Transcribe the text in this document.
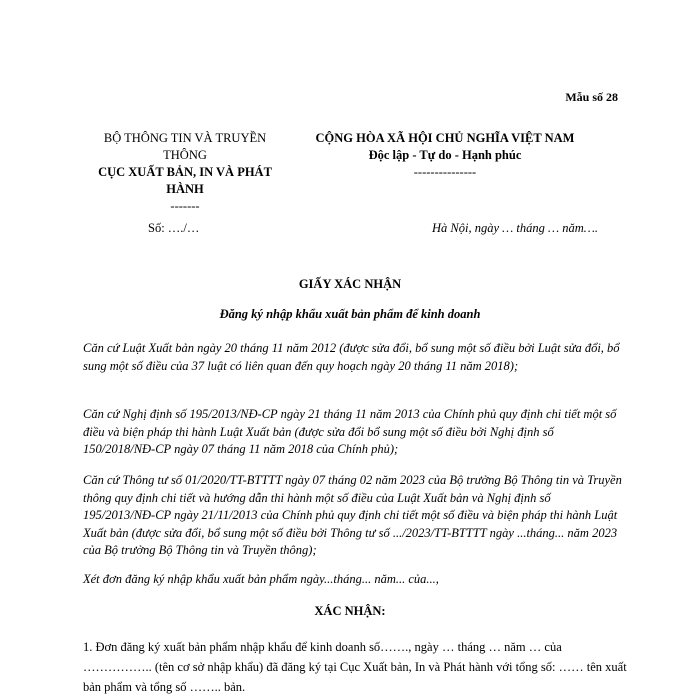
Mẫu số 28
BỘ THÔNG TIN VÀ TRUYỀN THÔNG
CỤC XUẤT BẢN, IN VÀ PHÁT HÀNH
-------
CỘNG HÒA XÃ HỘI CHỦ NGHĨA VIỆT NAM
Độc lập - Tự do - Hạnh phúc
---------------
Số: …./…	Hà Nội, ngày … tháng … năm….
GIẤY XÁC NHẬN
Đăng ký nhập khẩu xuất bản phẩm để kinh doanh
Căn cứ Luật Xuất bản ngày 20 tháng 11 năm 2012 (được sửa đổi, bổ sung một số điều bởi Luật sửa đổi, bổ sung một số điều của 37 luật có liên quan đến quy hoạch ngày 20 tháng 11 năm 2018);
Căn cứ Nghị định số 195/2013/NĐ-CP ngày 21 tháng 11 năm 2013 của Chính phủ quy định chi tiết một số điều và biện pháp thi hành Luật Xuất bản (được sửa đổi bổ sung một số điều bởi Nghị định số 150/2018/NĐ-CP ngày 07 tháng 11 năm 2018 của Chính phủ);
Căn cứ Thông tư số 01/2020/TT-BTTTT ngày 07 tháng 02 năm 2023 của Bộ trưởng Bộ Thông tin và Truyền thông quy định chi tiết và hướng dẫn thi hành một số điều của Luật Xuất bản và Nghị định số 195/2013/NĐ-CP ngày 21/11/2013 của Chính phủ quy định chi tiết một số điều và biện pháp thi hành Luật Xuất bản (được sửa đổi, bổ sung một số điều bởi Thông tư số .../2023/TT-BTTTT ngày ...tháng... năm 2023 của Bộ trưởng Bộ Thông tin và Truyền thông);
Xét đơn đăng ký nhập khẩu xuất bản phẩm ngày...tháng... năm... của...,
XÁC NHẬN:
1. Đơn đăng ký xuất bản phẩm nhập khẩu để kinh doanh số……., ngày … tháng … năm … của …………….. (tên cơ sở nhập khẩu) đã đăng ký tại Cục Xuất bản, In và Phát hành với tổng số: …… tên xuất bản phẩm và tổng số …….. bản.
